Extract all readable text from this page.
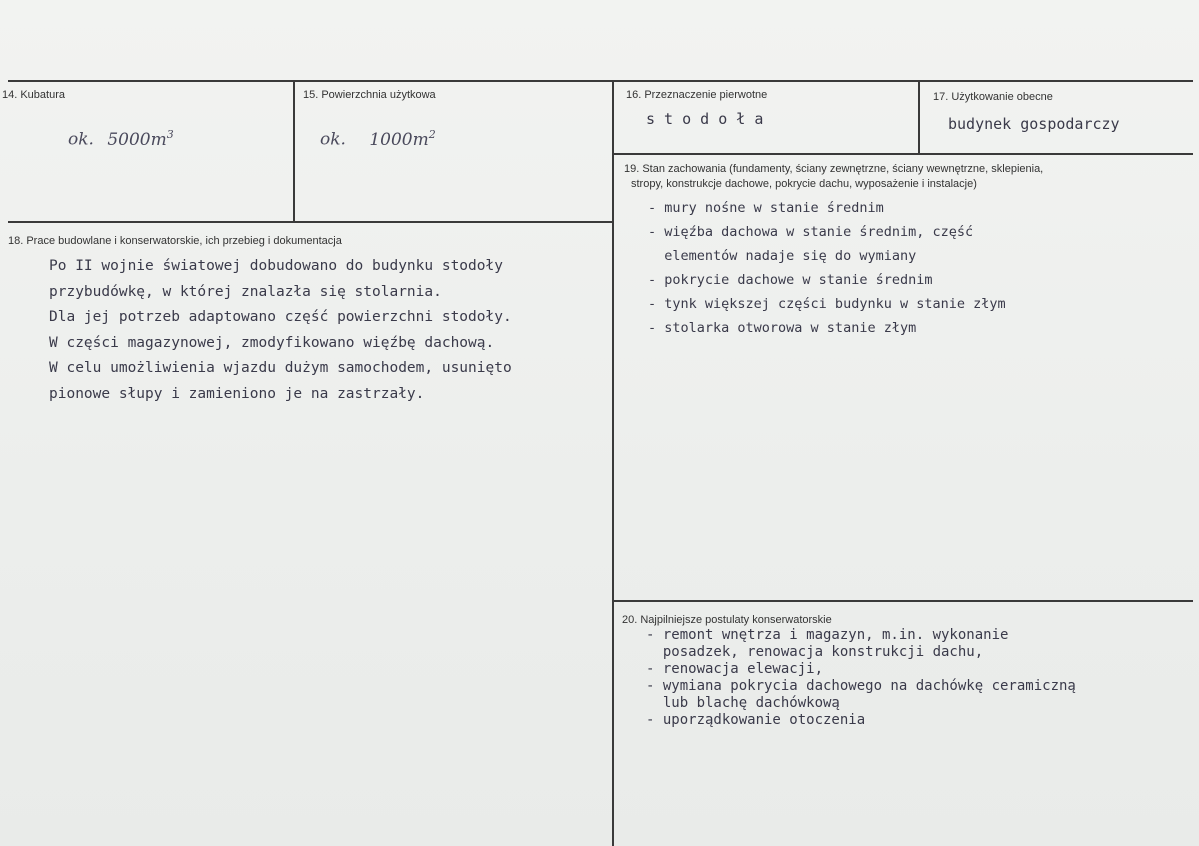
14. Kubatura
ok. $5000m^3$
15. Powierzchnia użytkowa
ok. $1000m^2$
16. Przeznaczenie pierwotne
s t o d o ł a
17. Użytkowanie obecne
budynek gospodarczy
18. Prace budowlane i konserwatorskie, ich przebieg i dokumentacja
Po II wojnie światowej dobudowano do budynku stodoły
przybudówkę, w której znalazła się stolarnia.
Dla jej potrzeb adaptowano część powierzchni stodoły.
W części magazynowej, zmodyfikowano więźbę dachową.
W celu umożliwienia wjazdu dużym samochodem, usunięto
pionowe słupy i zamieniono je na zastrzały.
19. Stan zachowania (fundamenty, ściany zewnętrzne, ściany wewnętrzne, sklepienia,
stropy, konstrukcje dachowe, pokrycie dachu, wyposażenie i instalacje)
- mury nośne w stanie średnim
- więźba dachowa w stanie średnim, część
elementów nadaje się do wymiany
- pokrycie dachowe w stanie średnim
- tynk większej części budynku w stanie złym
- stolarka otworowa w stanie złym
20. Najpilniejsze postulaty konserwatorskie
- remont wnętrza i magazyn, m.in. wykonanie
posadzek, renowacja konstrukcji dachu,
- renowacja elewacji,
- wymiana pokrycia dachowego na dachówkę ceramiczną
lub blachę dachówkową
- uporządkowanie otoczenia
